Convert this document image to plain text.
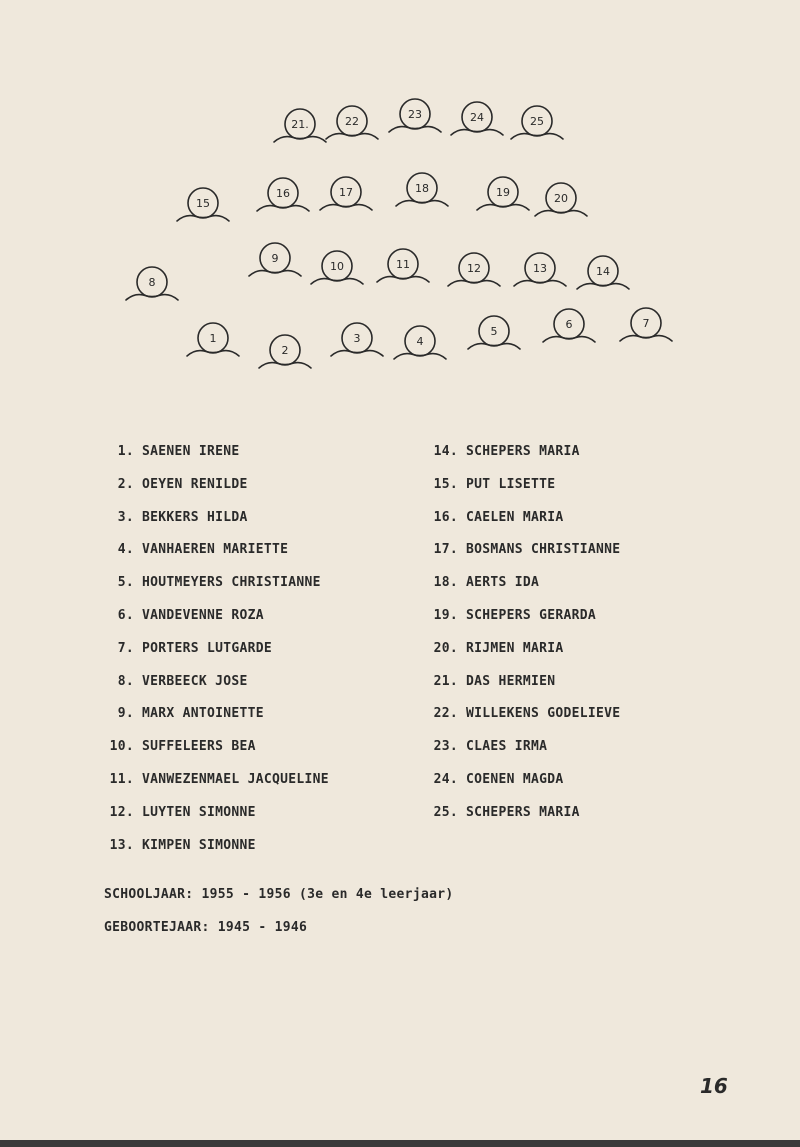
21.	22
23	24	25
15
16	17	18	19	20
8
9
10	11	12	13	14
1
2
3	4
5
6	7
1. SAENEN IRENE
2. OEYEN RENILDE
3. BEKKERS HILDA
4. VANHAEREN MARIETTE
5. HOUTMEYERS CHRISTIANNE
6. VANDEVENNE ROZA
7. PORTERS LUTGARDE
8. VERBEECK JOSE
9. MARX ANTOINETTE
10. SUFFELEERS BEA
11. VANWEZENMAEL JACQUELINE
12. LUYTEN SIMONNE
13. KIMPEN SIMONNE
14. SCHEPERS MARIA
15. PUT LISETTE
16. CAELEN MARIA
17. BOSMANS CHRISTIANNE
18. AERTS IDA
19. SCHEPERS GERARDA
20. RIJMEN MARIA
21. DAS HERMIEN
22. WILLEKENS GODELIEVE
23. CLAES IRMA
24. COENEN MAGDA
25. SCHEPERS MARIA
SCHOOLJAAR: 1955 - 1956 (3e en 4e leerjaar)
GEBOORTEJAAR: 1945 - 1946
16
